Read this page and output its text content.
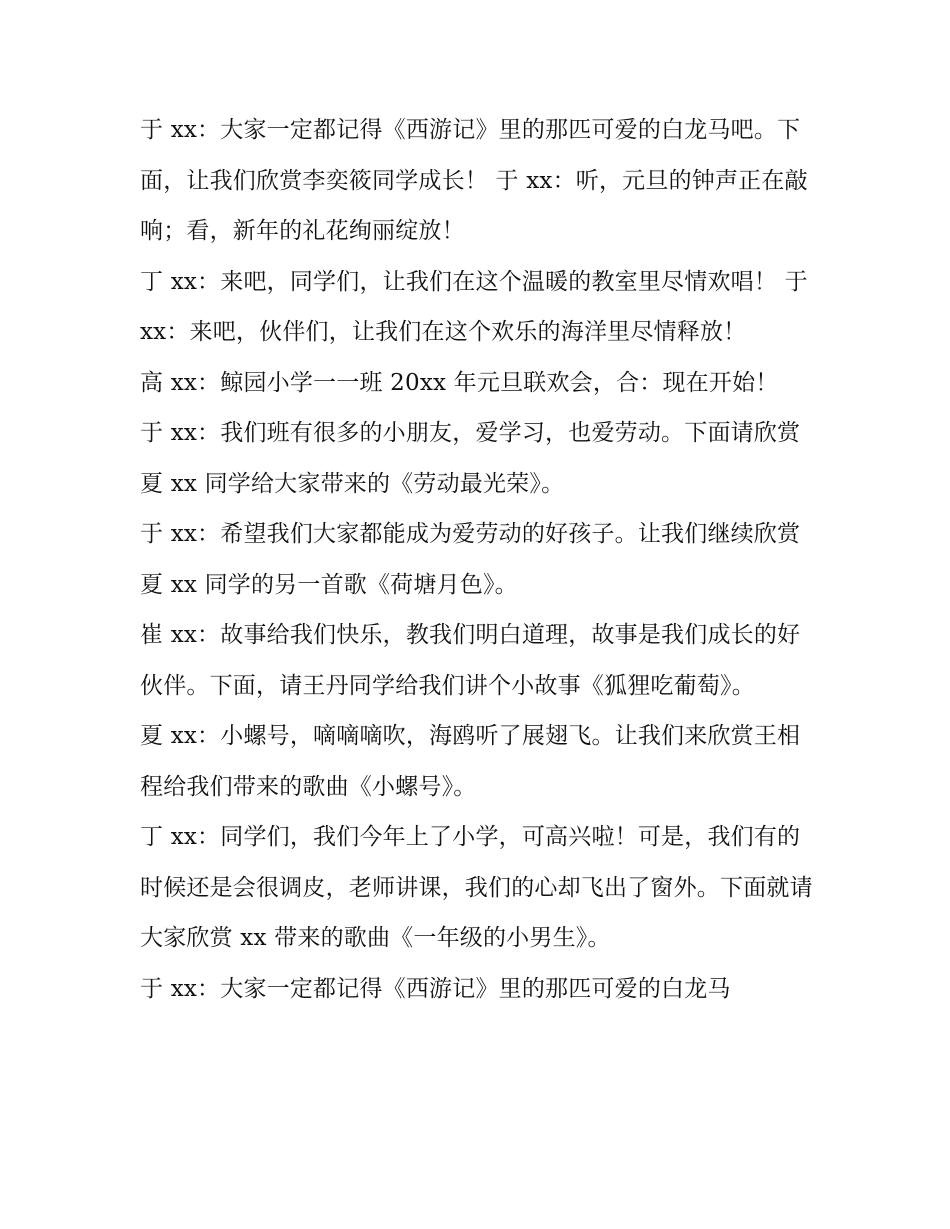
于 xx：大家一定都记得《西游记》里的那匹可爱的白龙马吧。下面，让我们欣赏李奕筱同学成长！ 于 xx：听，元旦的钟声正在敲响；看，新年的礼花绚丽绽放！

丁 xx：来吧，同学们，让我们在这个温暖的教室里尽情欢唱！ 于 xx：来吧，伙伴们，让我们在这个欢乐的海洋里尽情释放！

高 xx：鲸园小学一一班 20xx 年元旦联欢会，合：现在开始！

于 xx：我们班有很多的小朋友，爱学习，也爱劳动。下面请欣赏夏 xx 同学给大家带来的《劳动最光荣》。

于 xx：希望我们大家都能成为爱劳动的好孩子。让我们继续欣赏夏 xx 同学的另一首歌《荷塘月色》。

崔 xx：故事给我们快乐，教我们明白道理，故事是我们成长的好伙伴。下面，请王丹同学给我们讲个小故事《狐狸吃葡萄》。

夏 xx：小螺号，嘀嘀嘀吹，海鸥听了展翅飞。让我们来欣赏王相程给我们带来的歌曲《小螺号》。

丁 xx：同学们，我们今年上了小学，可高兴啦！可是，我们有的时候还是会很调皮，老师讲课，我们的心却飞出了窗外。下面就请大家欣赏 xx 带来的歌曲《一年级的小男生》。

于 xx：大家一定都记得《西游记》里的那匹可爱的白龙马
